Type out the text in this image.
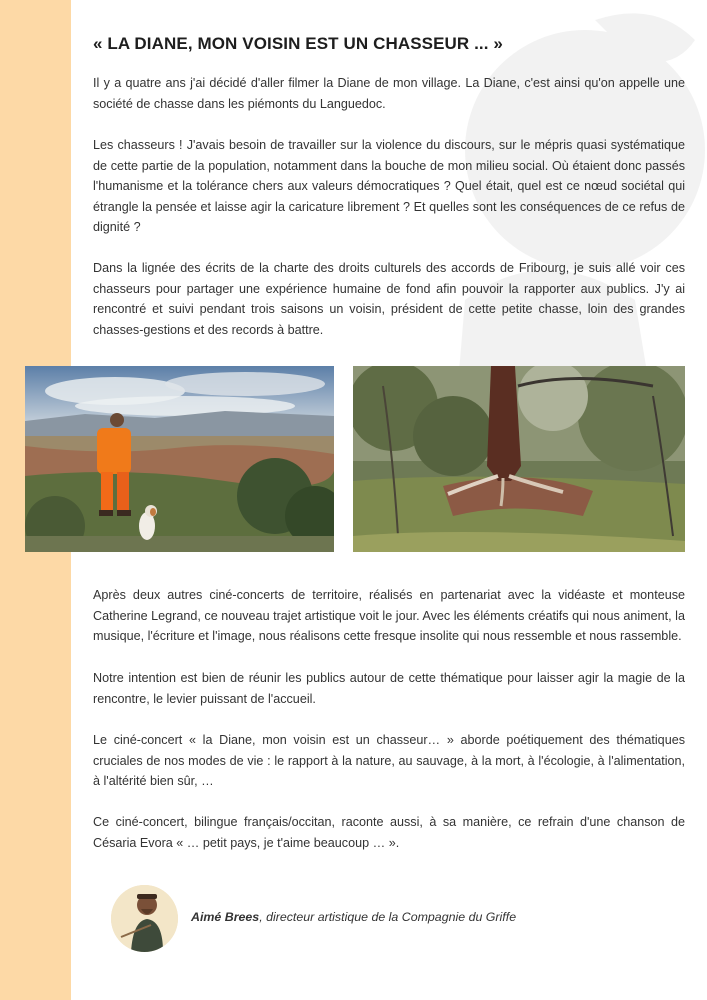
« LA DIANE, MON VOISIN EST UN CHASSEUR ... »

Il y a quatre ans j'ai décidé d'aller filmer la Diane de mon village. La Diane, c'est ainsi qu'on appelle une société de chasse dans les piémonts du Languedoc.

Les chasseurs ! J'avais besoin de travailler sur la violence du discours, sur le mépris quasi systématique de cette partie de la population, notamment dans la bouche de mon milieu social. Où étaient donc passés l'humanisme et la tolérance chers aux valeurs démocratiques ? Quel était, quel est ce nœud sociétal qui étrangle la pensée et laisse agir la caricature librement ? Et quelles sont les conséquences de ce refus de dignité ?

Dans la lignée des écrits de la charte des droits culturels des accords de Fribourg, je suis allé voir ces chasseurs pour partager une expérience humaine de fond afin pouvoir la rapporter aux publics. J'y ai rencontré et suivi pendant trois saisons un voisin, président de cette petite chasse, loin des grandes chasses-gestions et des records à battre.

Après deux autres ciné-concerts de territoire, réalisés en partenariat avec la vidéaste et monteuse Catherine Legrand, ce nouveau trajet artistique voit le jour. Avec les éléments créatifs qui nous animent, la musique, l'écriture et l'image, nous réalisons cette fresque insolite qui nous ressemble et nous rassemble.

Notre intention est bien de réunir les publics autour de cette thématique pour laisser agir la magie de la rencontre, le levier puissant de l'accueil.

Le ciné-concert « la Diane, mon voisin est un chasseur… » aborde poétiquement des thématiques cruciales de nos modes de vie : le rapport à la nature, au sauvage, à la mort, à l'écologie, à l'alimentation, à l'altérité bien sûr, …

Ce ciné-concert, bilingue français/occitan, raconte aussi, à sa manière, ce refrain d'une chanson de Césaria Evora « … petit pays, je t'aime beaucoup … ».

Aimé Brees, directeur artistique de la Compagnie du Griffe
